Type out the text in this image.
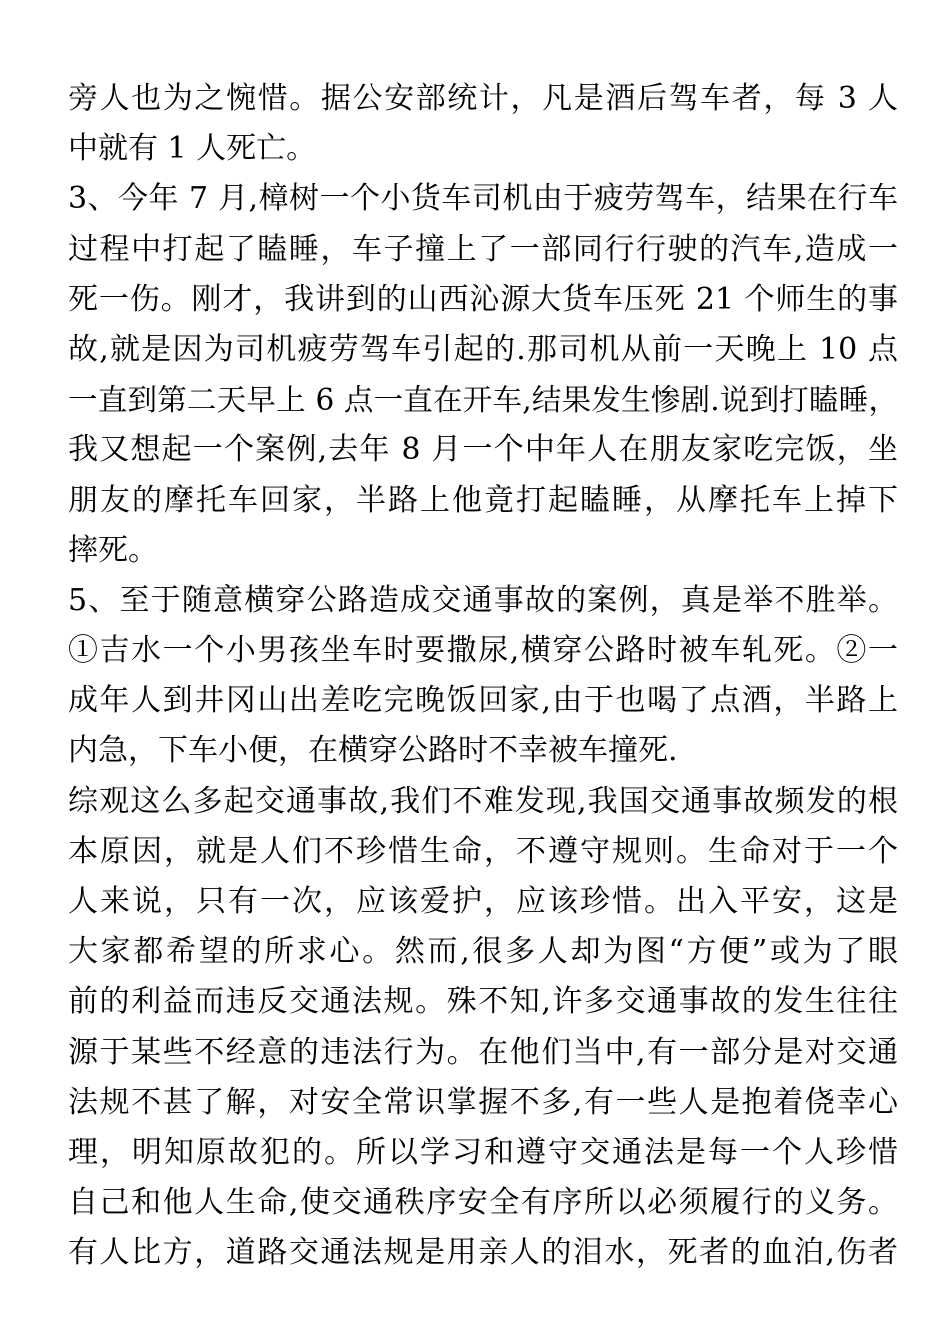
旁人也为之惋惜。据公安部统计，凡是酒后驾车者，每 3 人
中就有 1 人死亡。
3、今年 7 月,樟树一个小货车司机由于疲劳驾车，结果在行车
过程中打起了瞌睡，车子撞上了一部同行行驶的汽车,造成一
死一伤。刚才，我讲到的山西沁源大货车压死 21 个师生的事
故,就是因为司机疲劳驾车引起的.那司机从前一天晚上 10 点
一直到第二天早上 6 点一直在开车,结果发生惨剧.说到打瞌睡，
我又想起一个案例,去年 8 月一个中年人在朋友家吃完饭，坐
朋友的摩托车回家，半路上他竟打起瞌睡，从摩托车上掉下
摔死。
5、至于随意横穿公路造成交通事故的案例，真是举不胜举。
①吉水一个小男孩坐车时要撒尿,横穿公路时被车轧死。②一
成年人到井冈山出差吃完晚饭回家,由于也喝了点酒，半路上
内急，下车小便，在横穿公路时不幸被车撞死.
综观这么多起交通事故,我们不难发现,我国交通事故频发的根
本原因，就是人们不珍惜生命，不遵守规则。生命对于一个
人来说，只有一次，应该爱护，应该珍惜。出入平安，这是
大家都希望的所求心。然而,很多人却为图“方便”或为了眼
前的利益而违反交通法规。殊不知,许多交通事故的发生往往
源于某些不经意的违法行为。在他们当中,有一部分是对交通
法规不甚了解，对安全常识掌握不多,有一些人是抱着侥幸心
理，明知原故犯的。所以学习和遵守交通法是每一个人珍惜
自己和他人生命,使交通秩序安全有序所以必须履行的义务。
有人比方，道路交通法规是用亲人的泪水，死者的血泊,伤者
